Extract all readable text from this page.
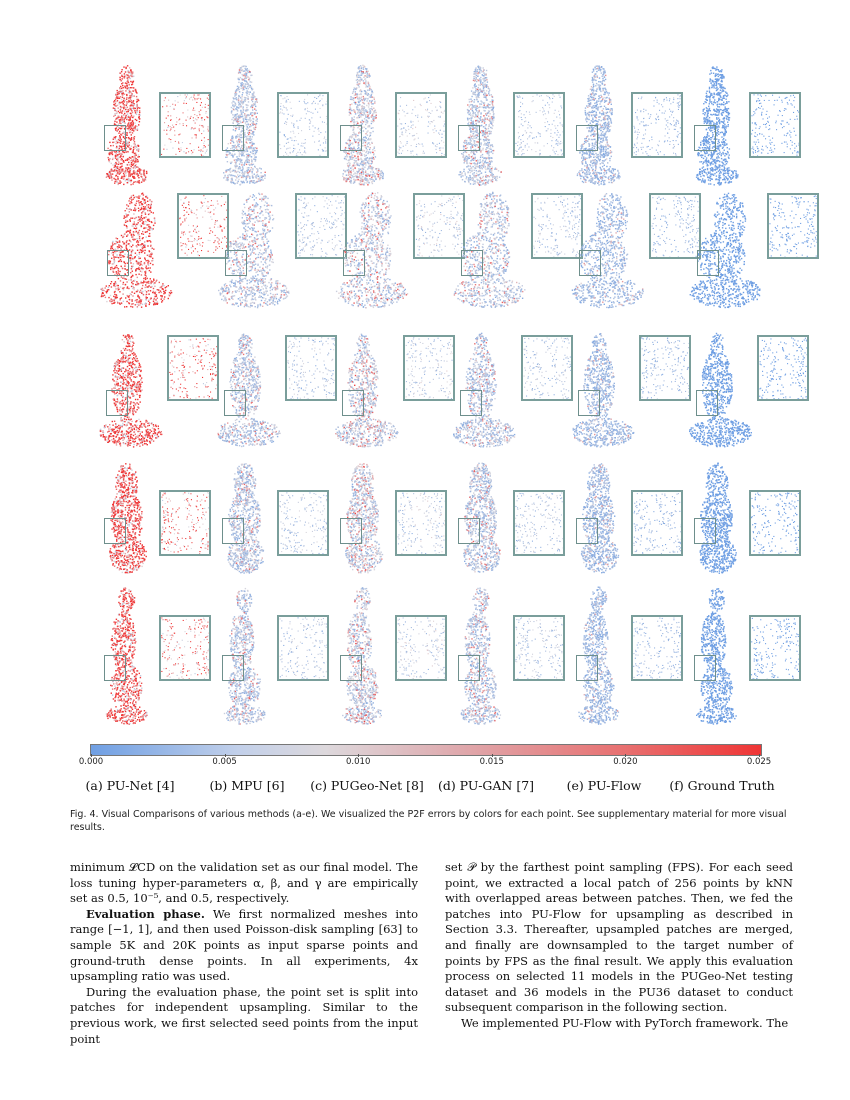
0.000	0.005	0.010	0.015	0.020	0.025
(a) PU-Net [4]	(b) MPU [6] (c) PUGeo-Net [8] (d) PU-GAN [7]	(e) PU-Flow (f) Ground Truth
Fig. 4. Visual Comparisons of various methods (a-e). We visualized the P2F errors by colors for each point. See supplementary material for more visual results.

minimum 𝓛CD on the validation set as our final model. The loss tuning hyper-parameters α, β, and γ are empirically set as 0.5, 10⁻⁵, and 0.5, respectively.

Evaluation phase. We first normalized meshes into range [−1, 1], and then used Poisson-disk sampling [63] to sample 5K and 20K points as input sparse points and ground-truth dense points. In all experiments, 4x upsampling ratio was used.

During the evaluation phase, the point set is split into patches for independent upsampling. Similar to the previous work, we first selected seed points from the input point

set 𝒫 by the farthest point sampling (FPS). For each seed point, we extracted a local patch of 256 points by kNN with overlapped areas between patches. Then, we fed the patches into PU-Flow for upsampling as described in Section 3.3. Thereafter, upsampled patches are merged, and finally are downsampled to the target number of points by FPS as the final result. We apply this evaluation process on selected 11 models in the PUGeo-Net testing dataset and 36 models in the PU36 dataset to conduct subsequent comparison in the following section.

We implemented PU-Flow with PyTorch framework. The
